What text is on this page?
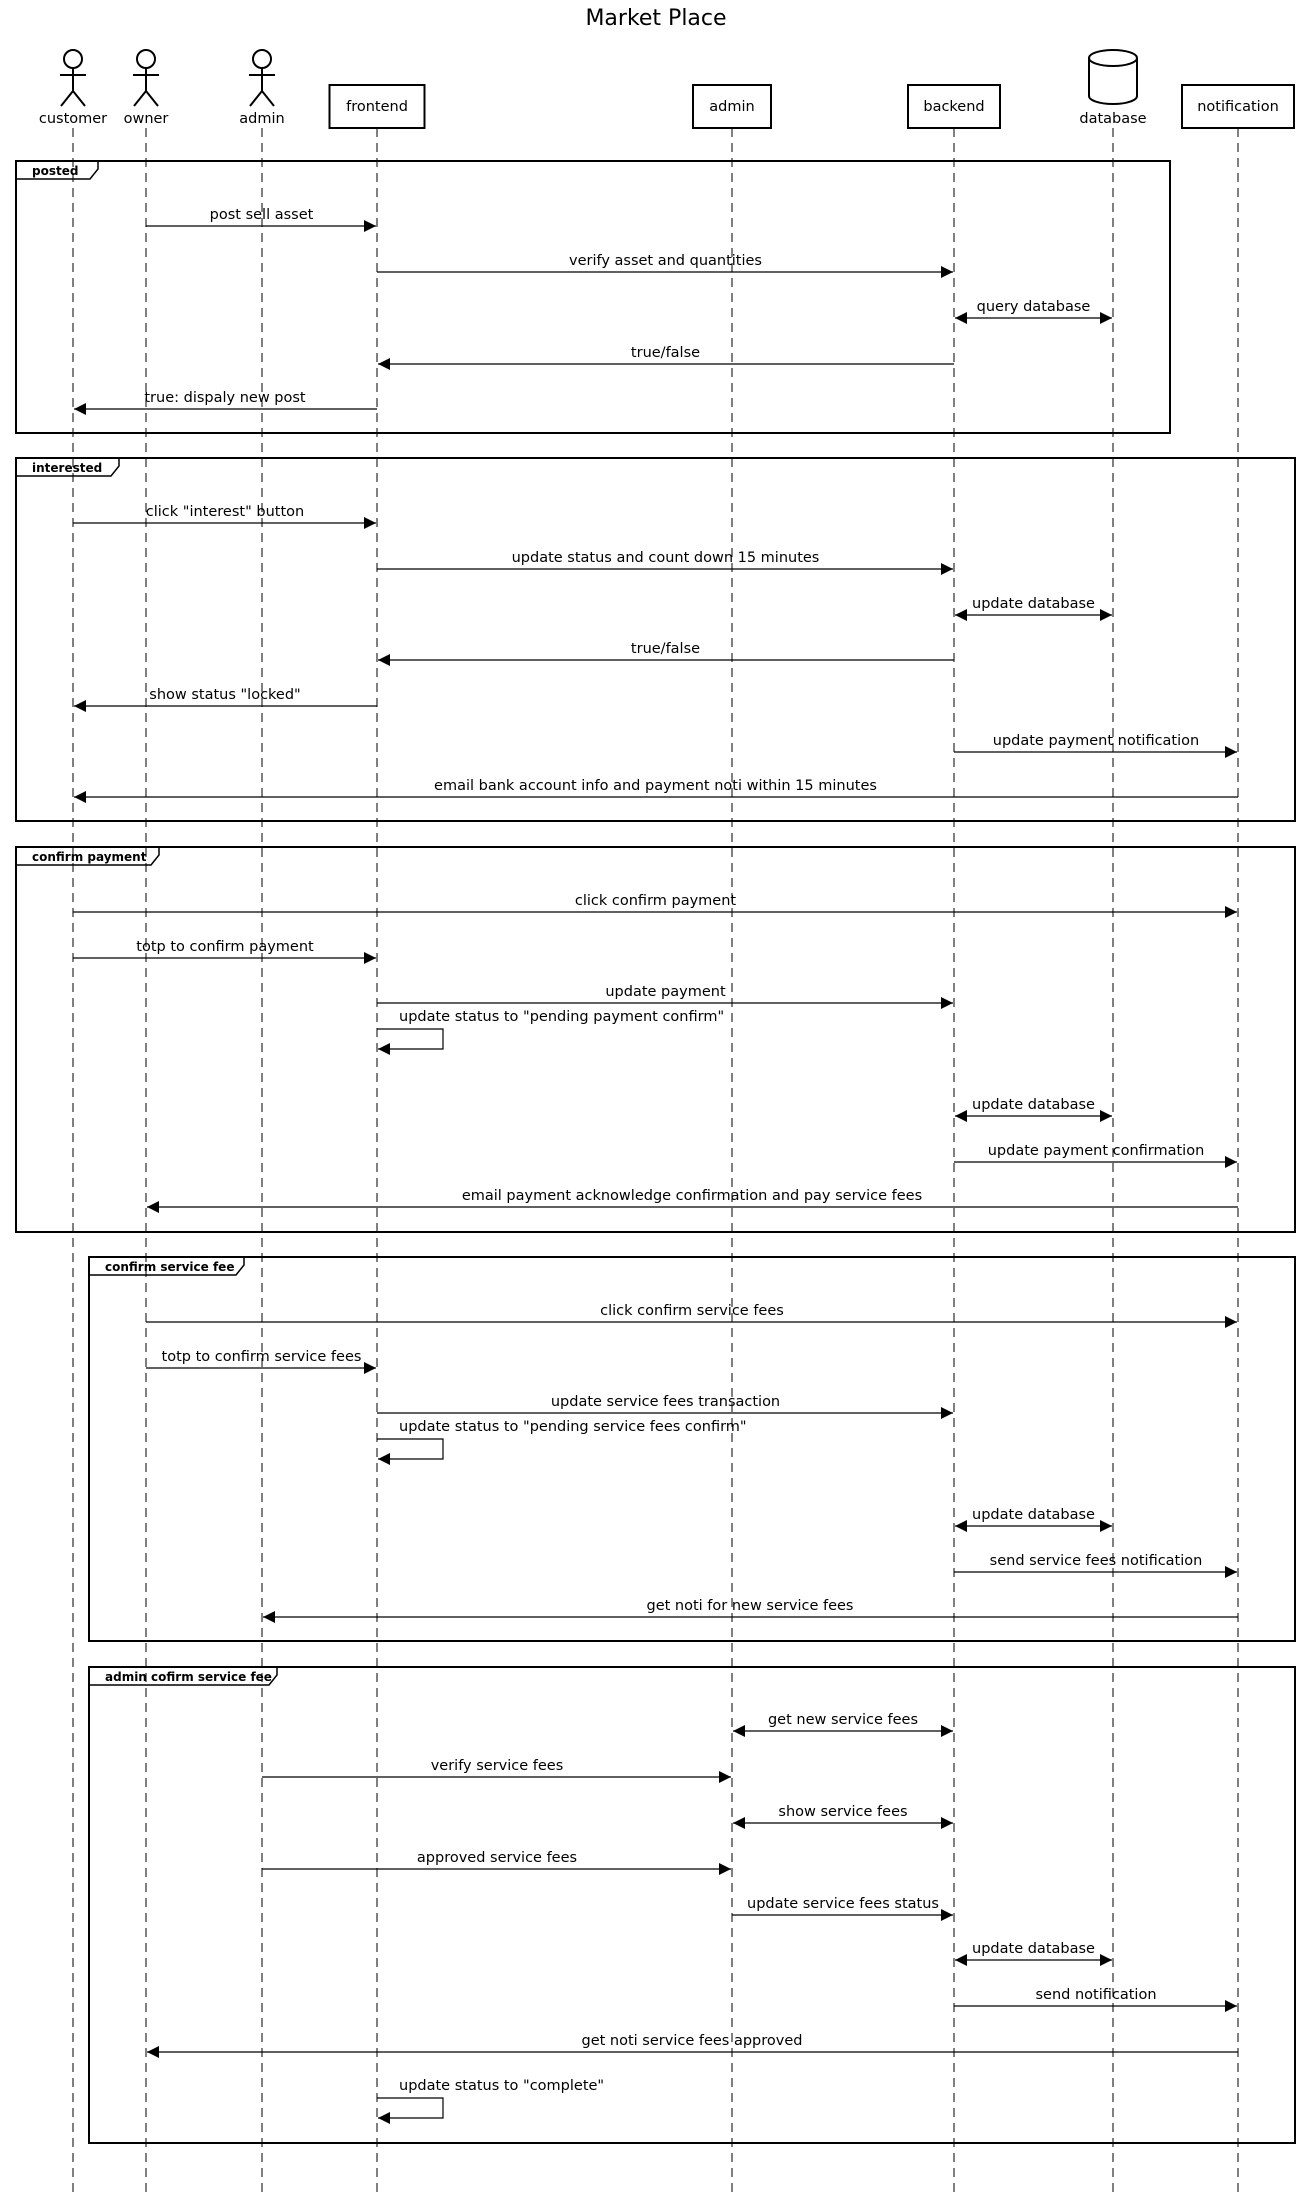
Market Place
posted
post sell asset
verify asset and quantities
query database
true/false
true: dispaly new post
interested
click "interest" button
update status and count down 15 minutes
update database
true/false
show status "locked"
update payment notification
email bank account info and payment noti within 15 minutes
confirm payment
click confirm payment
totp to confirm payment
update payment
update status to "pending payment confirm"
update database
update payment confirmation
email payment acknowledge confirmation and pay service fees
confirm service fee
click confirm service fees
totp to confirm service fees
update service fees transaction
update status to "pending service fees confirm"
update database
send service fees notification
get noti for new service fees
admin cofirm service fee
get new service fees
verify service fees
show service fees
approved service fees
update service fees status
update database
send notification
get noti service fees approved
update status to "complete"
customer owner	admin
frontend	admin	backend
database
notification
